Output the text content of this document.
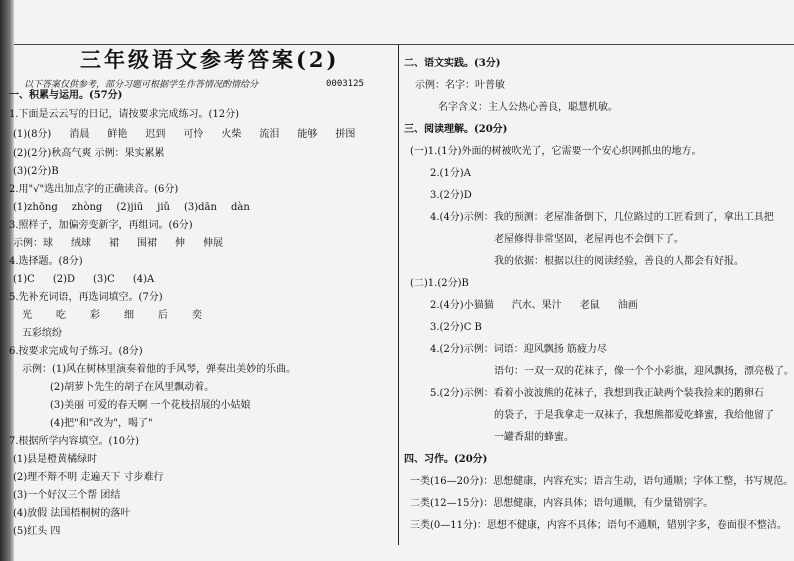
三年级语文参考答案(2)
以下答案仅供参考，部分习题可根据学生作答情况酌情给分	0003125
一、积累与运用。(57分)
1.下面是云云写的日记，请按要求完成练习。(12分)
(1)(8分) 消晨 鲜艳 迟到 可怜 火柴 流泪 能够 拼图
(2)(2分)秋高气爽 示例：果实累累
(3)(2分)B
2.用"√"选出加点字的正确读音。(6分)
(1)zhōng zhòng (2)jiū jiǔ (3)dān dàn
3.照样子，加偏旁变新字，再组词。(6分)
示例：球 绒球 裙 围裙 伸 伸展
4.选择题。(8分)
(1)C (2)D (3)C (4)A
5.先补充词语，再选词填空。(7分)
光 吃 彩 细 后 奕
五彩缤纷
6.按要求完成句子练习。(8分)
示例：(1)风在树林里演奏着他的手风琴，弹奏出美妙的乐曲。
(2)胡萝卜先生的胡子在风里飘动着。
(3)美丽 可爱的春天啊 一个花枝招展的小姑娘
(4)把"和"改为"，喝了"
7.根据所学内容填空。(10分)
(1)县是橙黄橘绿时
(2)理不辩不明 走遍天下 寸步难行
(3)一个好汉三个帮 团结
(4)放假 法国梧桐树的落叶
(5)红头 四
二、语文实践。(3分)
示例：名字：叶普敏
名字含义：主人公热心善良，聪慧机敏。
三、阅读理解。(20分)
(一)1.(1分)外面的树被吹光了，它需要一个安心织网抓虫的地方。
2.(1分)A
3.(2分)D
4.(4分)示例：我的预测：老屋准备倒下，几位路过的工匠看到了，拿出工具把
老屋修得非常坚固，老屋再也不会倒下了。
我的依据：根据以往的阅读经验，善良的人都会有好报。
(二)1.(2分)B
2.(4分)小猫猫 汽水、果汁 老鼠 油画
3.(2分)C B
4.(2分)示例：词语：迎风飘扬 筋疲力尽
语句：一双一双的花袜子，像一个个小彩旗，迎风飘扬，漂亮极了。
5.(2分)示例：看着小波波熊的花袜子，我想到我正缺两个装我捡来的鹅卵石
的袋子，于是我拿走一双袜子，我想熊都爱吃蜂蜜，我给他留了
一罐香甜的蜂蜜。
四、习作。(20分)
一类(16—20分)：思想健康，内容充实；语言生动，语句通顺；字体工整，书写规范。
二类(12—15分)：思想健康，内容具体；语句通顺，有少量错别字。
三类(0—11分)：思想不健康，内容不具体；语句不通顺，错别字多，卷面很不整洁。
